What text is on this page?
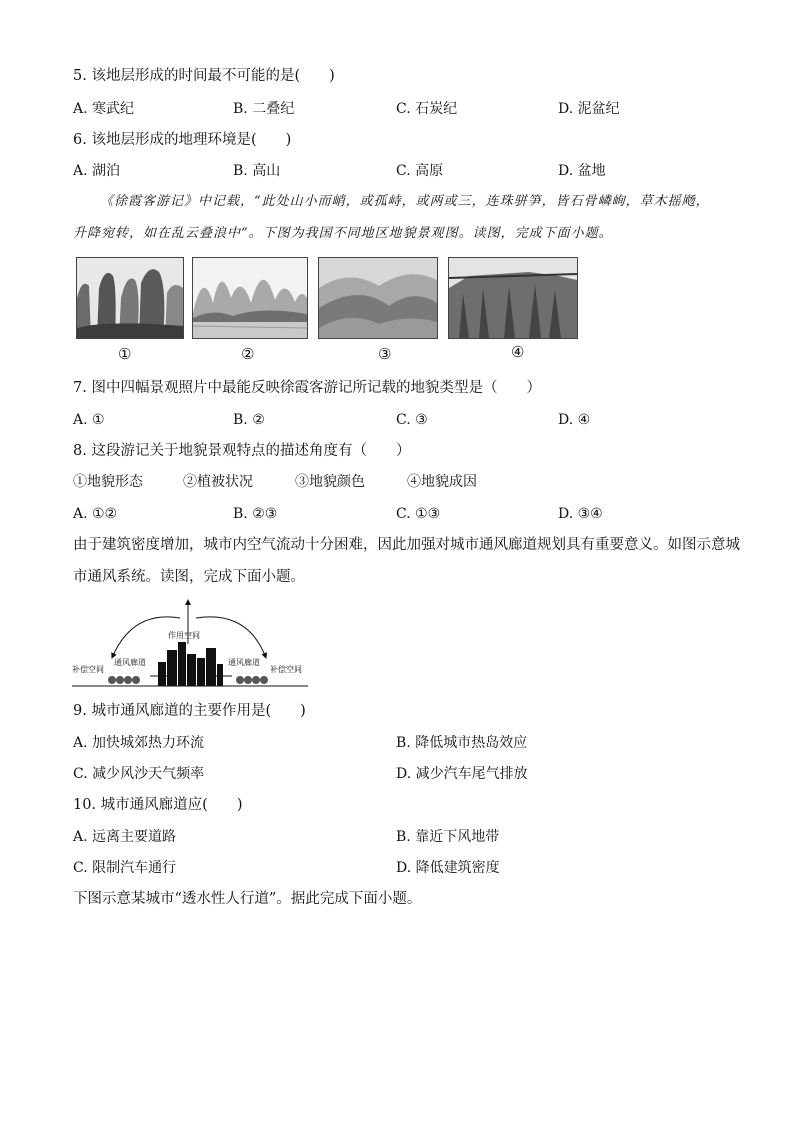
5. 该地层形成的时间最不可能的是(　　)
A. 寒武纪	B. 二叠纪	C. 石炭纪	D. 泥盆纪
6. 该地层形成的地理环境是(　　)
A. 湖泊	B. 高山	C. 高原	D. 盆地
《徐霞客游记》中记载，“此处山小而峭，或孤峙，或两或三，连珠骈笋，皆石骨嶙峋，草木摇飏，
升降宛转，如在乱云叠浪中”。下图为我国不同地区地貌景观图。读图，完成下面小题。
①	②	③	④
7. 图中四幅景观照片中最能反映徐霞客游记所记载的地貌类型是（　　）
A. ①	B. ②	C. ③	D. ④
8. 这段游记关于地貌景观特点的描述角度有（　　）
①地貌形态	②植被状况	③地貌颜色	④地貌成因
A. ①②	B. ②③	C. ①③	D. ③④
由于建筑密度增加，城市内空气流动十分困难，因此加强对城市通风廊道规划具有重要意义。如图示意城
市通风系统。读图，完成下面小题。
作用空间
通风廊道	通风廊道
补偿空间	补偿空间
9. 城市通风廊道的主要作用是(　　)
A. 加快城郊热力环流	B. 降低城市热岛效应
C. 减少风沙天气频率	D. 减少汽车尾气排放
10. 城市通风廊道应(　　)
A. 远离主要道路	B. 靠近下风地带
C. 限制汽车通行	D. 降低建筑密度
下图示意某城市“透水性人行道”。据此完成下面小题。
